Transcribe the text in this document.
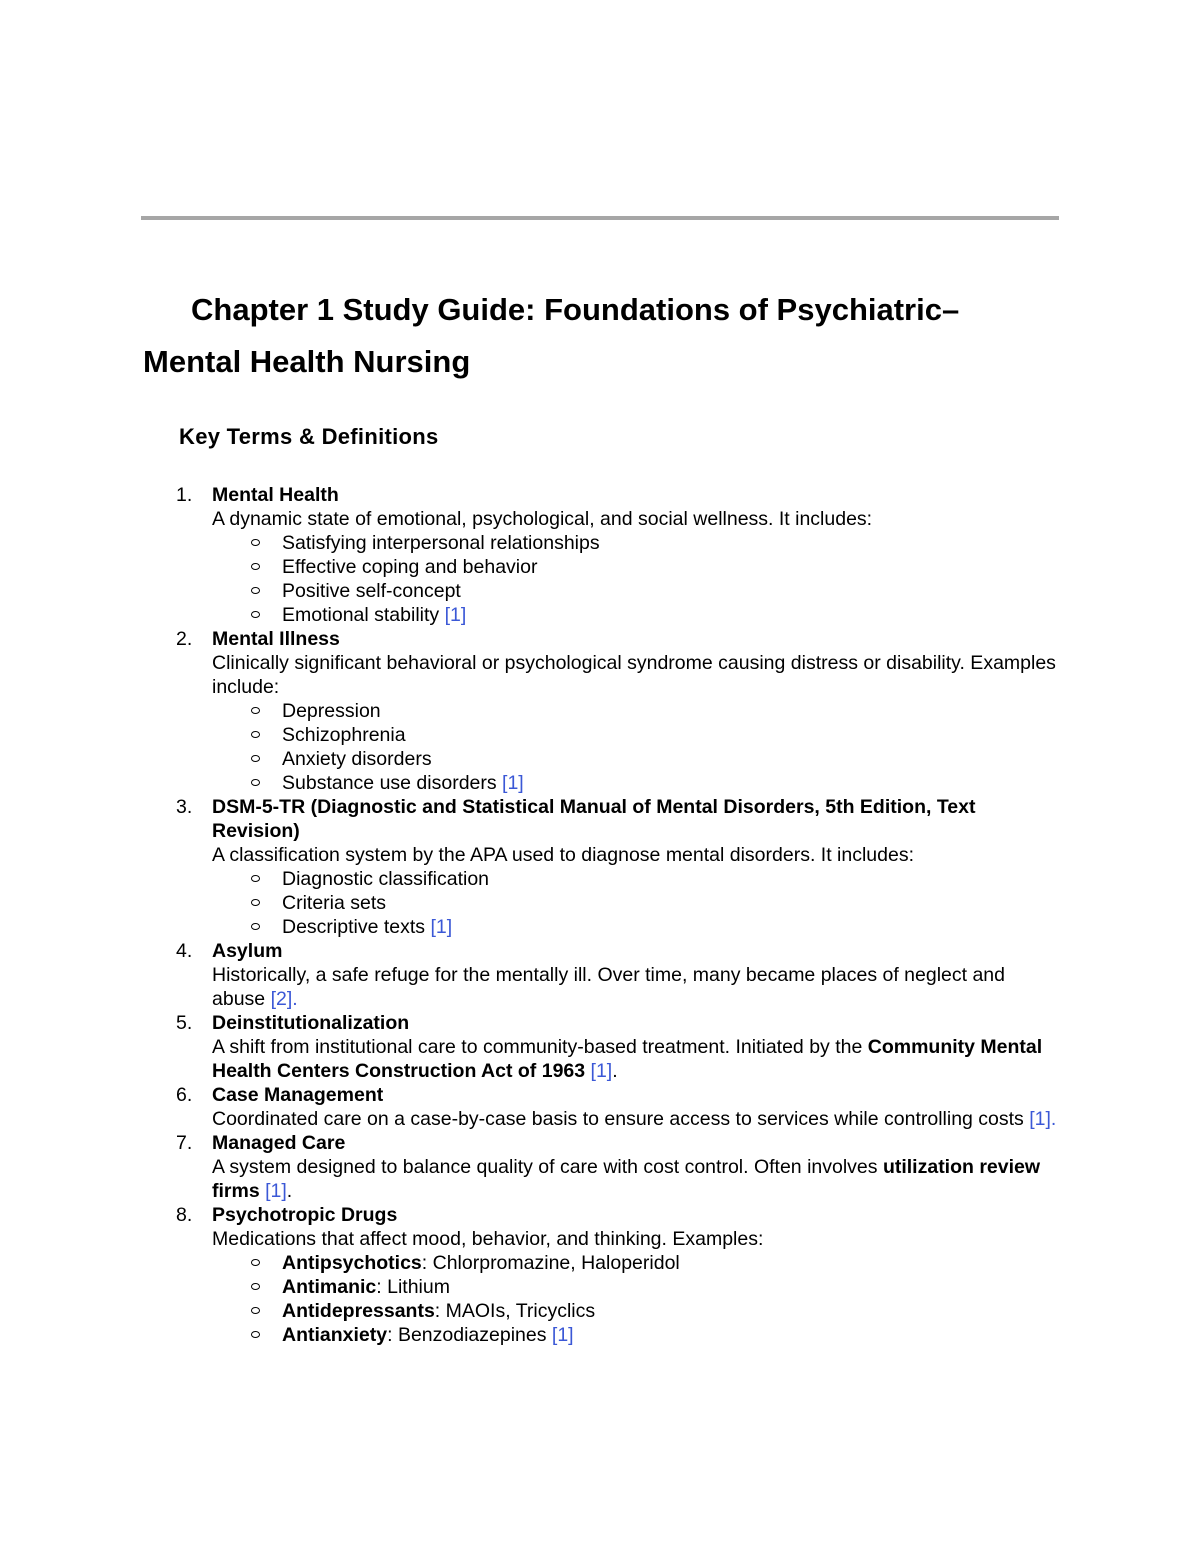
Chapter 1 Study Guide: Foundations of Psychiatric–Mental Health Nursing
Key Terms & Definitions
1. Mental Health
A dynamic state of emotional, psychological, and social wellness. It includes:
Satisfying interpersonal relationships
Effective coping and behavior
Positive self-concept
Emotional stability [1]
2. Mental Illness
Clinically significant behavioral or psychological syndrome causing distress or disability. Examples include:
Depression
Schizophrenia
Anxiety disorders
Substance use disorders [1]
3. DSM-5-TR (Diagnostic and Statistical Manual of Mental Disorders, 5th Edition, Text Revision)
A classification system by the APA used to diagnose mental disorders. It includes:
Diagnostic classification
Criteria sets
Descriptive texts [1]
4. Asylum
Historically, a safe refuge for the mentally ill. Over time, many became places of neglect and abuse [2].
5. Deinstitutionalization
A shift from institutional care to community-based treatment. Initiated by the Community Mental Health Centers Construction Act of 1963 [1].
6. Case Management
Coordinated care on a case-by-case basis to ensure access to services while controlling costs [1].
7. Managed Care
A system designed to balance quality of care with cost control. Often involves utilization review firms [1].
8. Psychotropic Drugs
Medications that affect mood, behavior, and thinking. Examples:
Antipsychotics: Chlorpromazine, Haloperidol
Antimanic: Lithium
Antidepressants: MAOIs, Tricyclics
Antianxiety: Benzodiazepines [1]
